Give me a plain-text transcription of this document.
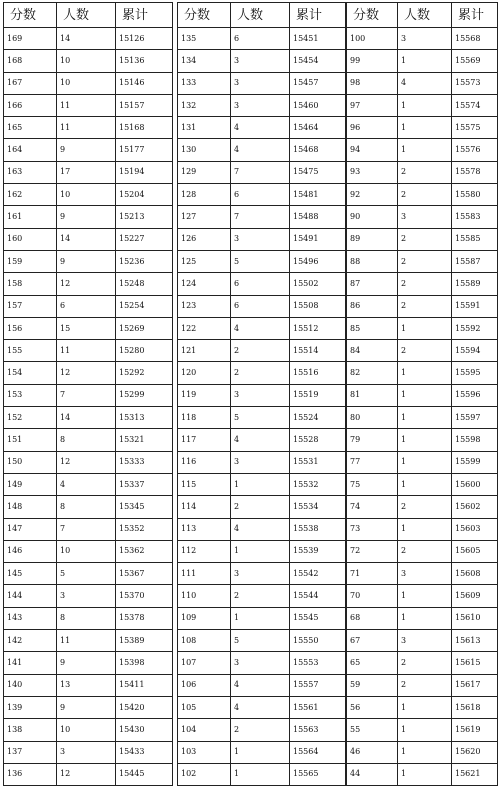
分数	人数	累计
169	14	15126
168	10	15136
167	10	15146
166	11	15157
165	11	15168
164	9	15177
163	17	15194
162	10	15204
161	9	15213
160	14	15227
159	9	15236
158	12	15248
157	6	15254
156	15	15269
155	11	15280
154	12	15292
153	7	15299
152	14	15313
151	8	15321
150	12	15333
149	4	15337
148	8	15345
147	7	15352
146	10	15362
145	5	15367
144	3	15370
143	8	15378
142	11	15389
141	9	15398
140	13	15411
139	9	15420
138	10	15430
137	3	15433
136	12	15445
分数	人数	累计
135	6	15451
134	3	15454
133	3	15457
132	3	15460
131	4	15464
130	4	15468
129	7	15475
128	6	15481
127	7	15488
126	3	15491
125	5	15496
124	6	15502
123	6	15508
122	4	15512
121	2	15514
120	2	15516
119	3	15519
118	5	15524
117	4	15528
116	3	15531
115	1	15532
114	2	15534
113	4	15538
112	1	15539
111	3	15542
110	2	15544
109	1	15545
108	5	15550
107	3	15553
106	4	15557
105	4	15561
104	2	15563
103	1	15564
102	1	15565
分数	人数	累计
100	3	15568
99	1	15569
98	4	15573
97	1	15574
96	1	15575
94	1	15576
93	2	15578
92	2	15580
90	3	15583
89	2	15585
88	2	15587
87	2	15589
86	2	15591
85	1	15592
84	2	15594
82	1	15595
81	1	15596
80	1	15597
79	1	15598
77	1	15599
75	1	15600
74	2	15602
73	1	15603
72	2	15605
71	3	15608
70	1	15609
68	1	15610
67	3	15613
65	2	15615
59	2	15617
56	1	15618
55	1	15619
46	1	15620
44	1	15621
